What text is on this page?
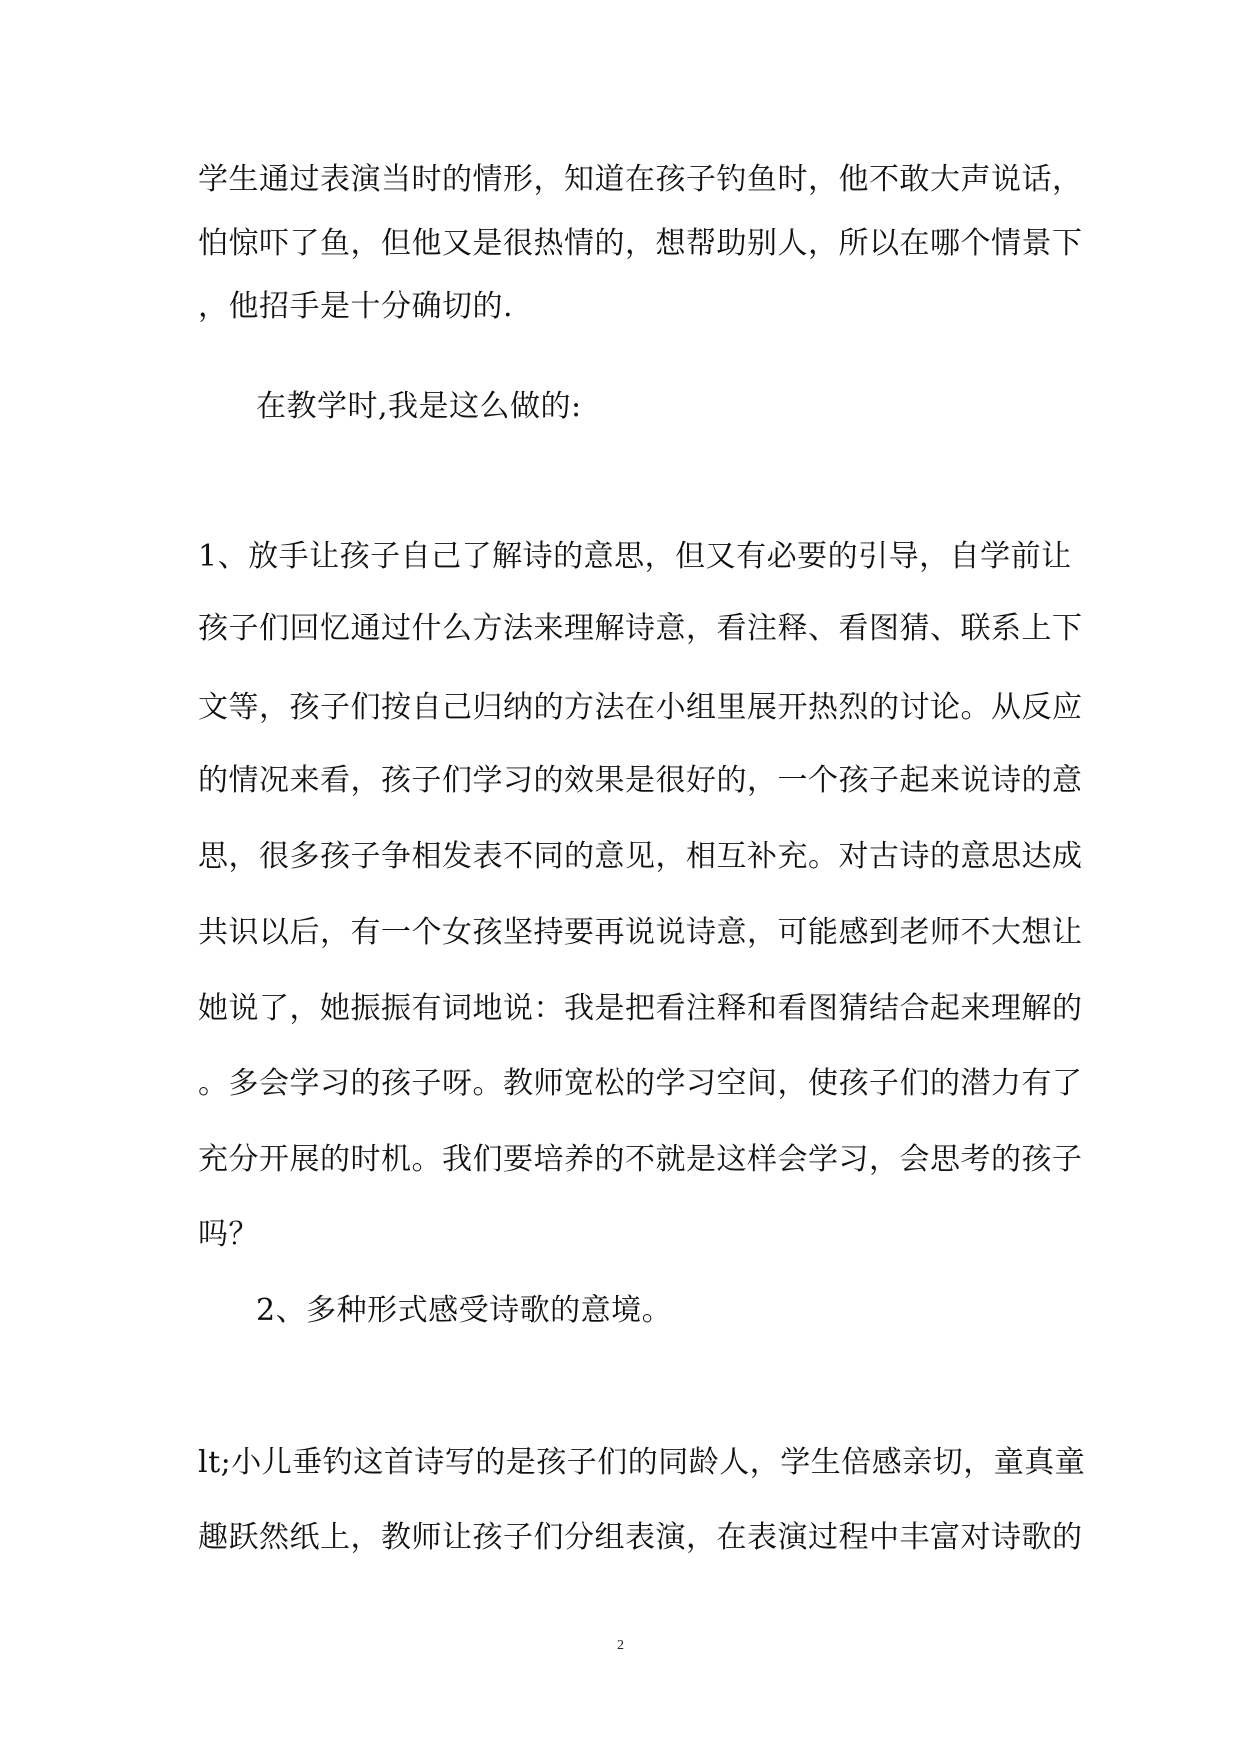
学生通过表演当时的情形，知道在孩子钓鱼时，他不敢大声说话，
怕惊吓了鱼，但他又是很热情的，想帮助别人，所以在哪个情景下
，他招手是十分确切的.
在教学时,我是这么做的:
1、放手让孩子自己了解诗的意思，但又有必要的引导，自学前让
孩子们回忆通过什么方法来理解诗意，看注释、看图猜、联系上下
文等，孩子们按自己归纳的方法在小组里展开热烈的讨论。从反应
的情况来看，孩子们学习的效果是很好的，一个孩子起来说诗的意
思，很多孩子争相发表不同的意见，相互补充。对古诗的意思达成
共识以后，有一个女孩坚持要再说说诗意，可能感到老师不大想让
她说了，她振振有词地说：我是把看注释和看图猜结合起来理解的
。多会学习的孩子呀。教师宽松的学习空间，使孩子们的潜力有了
充分开展的时机。我们要培养的不就是这样会学习，会思考的孩子
吗？
2、多种形式感受诗歌的意境。
lt;小儿垂钓这首诗写的是孩子们的同龄人，学生倍感亲切，童真童
趣跃然纸上，教师让孩子们分组表演，在表演过程中丰富对诗歌的
2
